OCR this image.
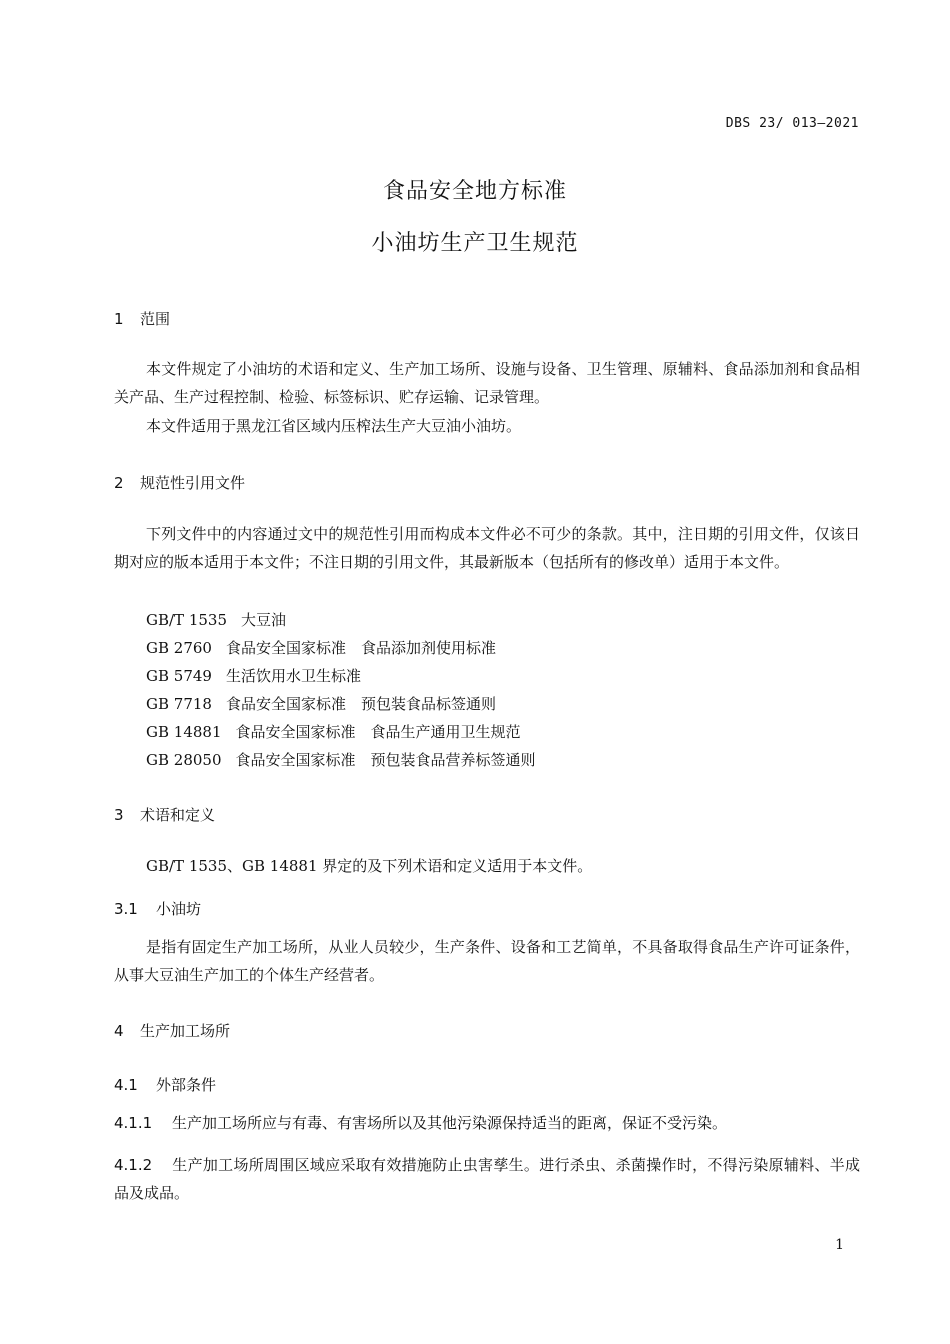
DBS 23/ 013—2021
食品安全地方标准
小油坊生产卫生规范
1 范围
本文件规定了小油坊的术语和定义、生产加工场所、设施与设备、卫生管理、原辅料、食品添加剂和食品相关产品、生产过程控制、检验、标签标识、贮存运输、记录管理。
本文件适用于黑龙江省区域内压榨法生产大豆油小油坊。
2 规范性引用文件
下列文件中的内容通过文中的规范性引用而构成本文件必不可少的条款。其中，注日期的引用文件，仅该日期对应的版本适用于本文件；不注日期的引用文件，其最新版本（包括所有的修改单）适用于本文件。
GB/T 1535 大豆油
GB 2760 食品安全国家标准　食品添加剂使用标准
GB 5749 生活饮用水卫生标准
GB 7718 食品安全国家标准　预包装食品标签通则
GB 14881 食品安全国家标准　食品生产通用卫生规范
GB 28050 食品安全国家标准　预包装食品营养标签通则
3 术语和定义
GB/T 1535、GB 14881 界定的及下列术语和定义适用于本文件。
3.1 小油坊
是指有固定生产加工场所，从业人员较少，生产条件、设备和工艺简单，不具备取得食品生产许可证条件，从事大豆油生产加工的个体生产经营者。
4 生产加工场所
4.1 外部条件
4.1.1 生产加工场所应与有毒、有害场所以及其他污染源保持适当的距离，保证不受污染。
4.1.2 生产加工场所周围区域应采取有效措施防止虫害孳生。进行杀虫、杀菌操作时，不得污染原辅料、半成品及成品。
1
